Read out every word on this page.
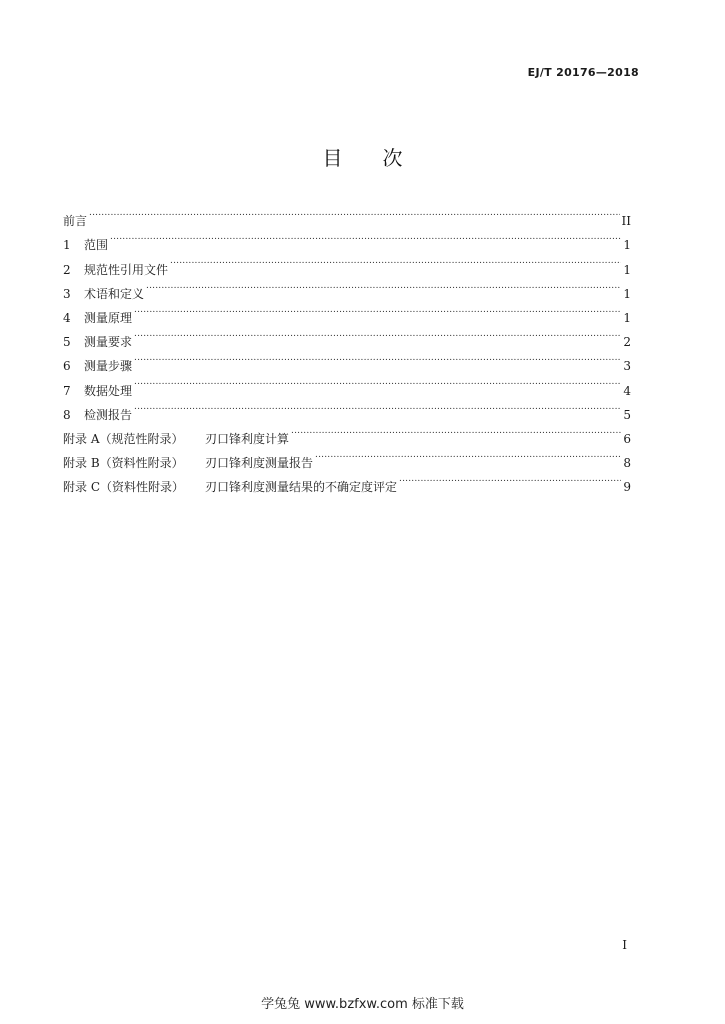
EJ/T 20176—2018
目次
前言 .....	II
1	范围 .....	1
2	规范性引用文件 .....	1
3	术语和定义 .....	1
4	测量原理 .....	1
5	测量要求 .....	2
6	测量步骤 .....	3
7	数据处理 .....	4
8	检测报告 .....	5
附录 A（规范性附录）	刃口锋利度计算 .....	6
附录 B（资料性附录）	刃口锋利度测量报告 .....	8
附录 C（资料性附录）	刃口锋利度测量结果的不确定度评定 .....	9
I
学兔兔 www.bzfxw.com 标准下载
